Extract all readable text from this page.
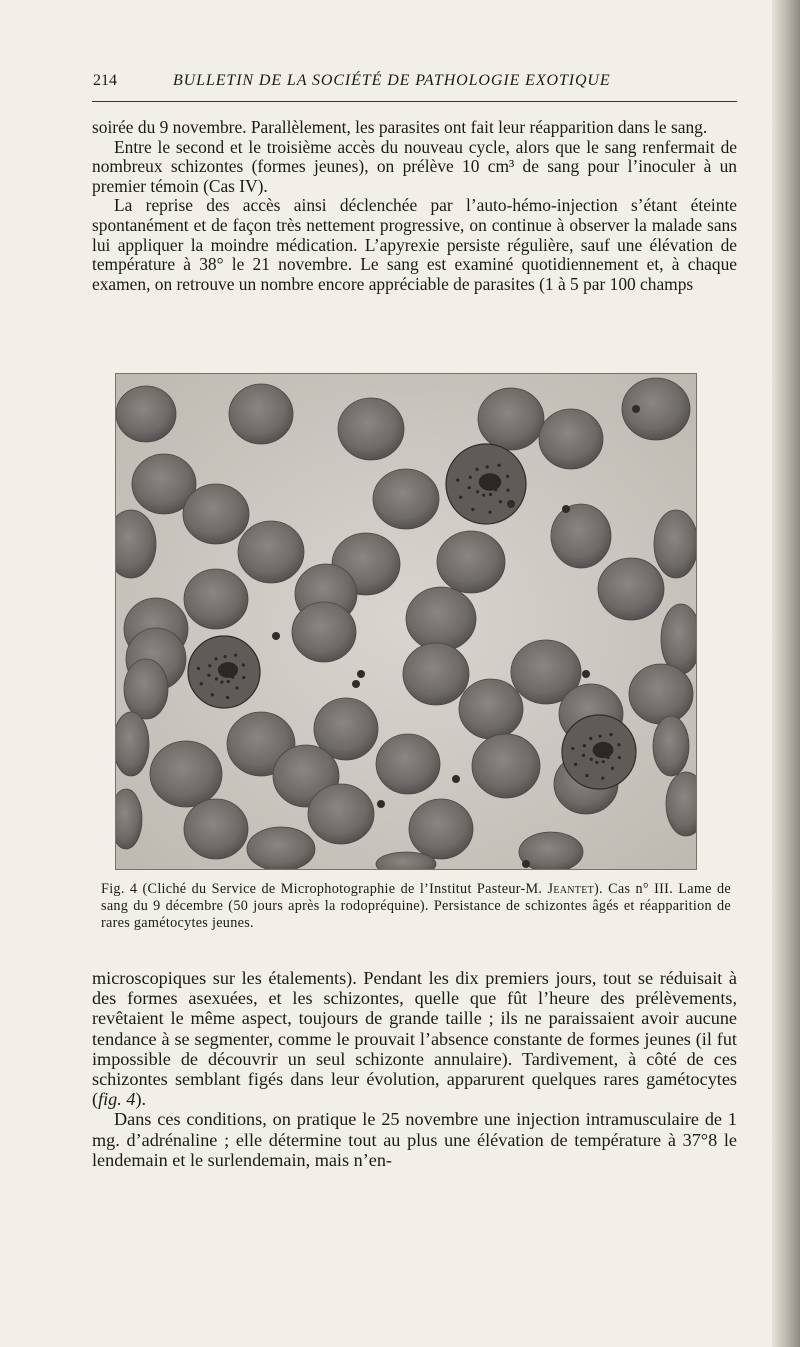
214	BULLETIN DE LA SOCIÉTÉ DE PATHOLOGIE EXOTIQUE

soirée du 9 novembre. Parallèlement, les parasites ont fait leur réapparition dans le sang.

Entre le second et le troisième accès du nouveau cycle, alors que le sang renfermait de nombreux schizontes (formes jeunes), on prélève 10 cm³ de sang pour l’inoculer à un premier témoin (Cas IV).

La reprise des accès ainsi déclenchée par l’auto-hémo-injection s’étant éteinte spontanément et de façon très nettement progressive, on continue à observer la malade sans lui appliquer la moindre médication. L’apyrexie persiste régulière, sauf une élévation de température à 38° le 21 novembre. Le sang est examiné quotidiennement et, à chaque examen, on retrouve un nombre encore appréciable de parasites (1 à 5 par 100 champs

Fig. 4 (Cliché du Service de Microphotographie de l’Institut Pasteur-M. Jeantet). Cas n° III. Lame de sang du 9 décembre (50 jours après la rodopréquine). Persistance de schizontes âgés et réapparition de rares gamétocytes jeunes.

microscopiques sur les étalements). Pendant les dix premiers jours, tout se réduisait à des formes asexuées, et les schizontes, quelle que fût l’heure des prélèvements, revêtaient le même aspect, toujours de grande taille ; ils ne paraissaient avoir aucune tendance à se segmenter, comme le prouvait l’absence constante de formes jeunes (il fut impossible de découvrir un seul schizonte annulaire). Tardivement, à côté de ces schizontes semblant figés dans leur évolution, apparurent quelques rares gamétocytes (fig. 4).

Dans ces conditions, on pratique le 25 novembre une injection intramusculaire de 1 mg. d’adrénaline ; elle détermine tout au plus une élévation de température à 37°8 le lendemain et le surlendemain, mais n’en-
